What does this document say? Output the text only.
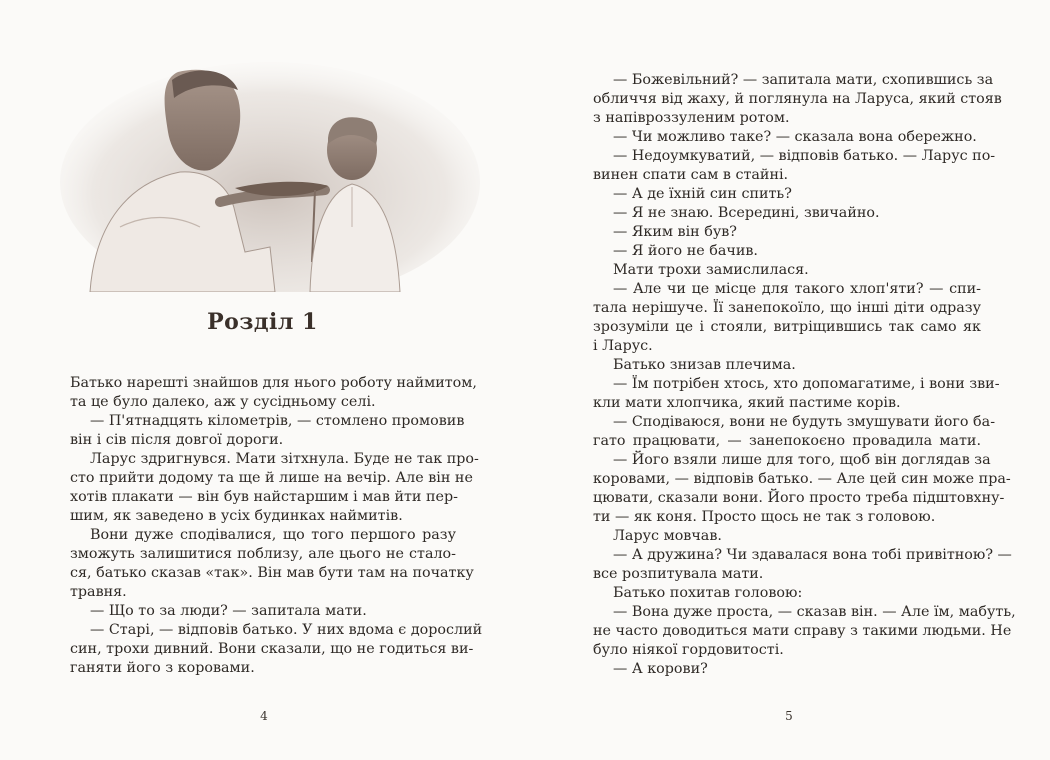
Розділ 1
Батько нарешті знайшов для нього роботу наймитом,
та це було далеко, аж у сусідньому селі.
— П'ятнадцять кілометрів, — стомлено промовив
він і сів після довгої дороги.
Ларус здригнувся. Мати зітхнула. Буде не так про-
сто прийти додому та ще й лише на вечір. Але він не
хотів плакати — він був найстаршим і мав йти пер-
шим, як заведено в усіх будинках наймитів.
Вони дуже сподівалися, що того першого разу
зможуть залишитися поблизу, але цього не стало-
ся, батько сказав «так». Він мав бути там на початку
травня.
— Що то за люди? — запитала мати.
— Старі, — відповів батько. У них вдома є дорослий
син, трохи дивний. Вони сказали, що не годиться ви-
ганяти його з коровами.
4
— Божевільний? — запитала мати, схопившись за
обличчя від жаху, й поглянула на Ларуса, який стояв
з напівроззуленим ротом.
— Чи можливо таке? — сказала вона обережно.
— Недоумкуватий, — відповів батько. — Ларус по-
винен спати сам в стайні.
— А де їхній син спить?
— Я не знаю. Всередині, звичайно.
— Яким він був?
— Я його не бачив.
Мати трохи замислилася.
— Але чи це місце для такого хлоп'яти? — спи-
тала нерішуче. Її занепокоїло, що інші діти одразу
зрозуміли це і стояли, витріщившись так само як
і Ларус.
Батько знизав плечима.
— Їм потрібен хтось, хто допомагатиме, і вони зви-
кли мати хлопчика, який пастиме корів.
— Сподіваюся, вони не будуть змушувати його ба-
гато працювати, — занепокоєно провадила мати.
— Його взяли лише для того, щоб він доглядав за
коровами, — відповів батько. — Але цей син може пра-
цювати, сказали вони. Його просто треба підштовхну-
ти — як коня. Просто щось не так з головою.
Ларус мовчав.
— А дружина? Чи здавалася вона тобі привітною? —
все розпитувала мати.
Батько похитав головою:
— Вона дуже проста, — сказав він. — Але їм, мабуть,
не часто доводиться мати справу з такими людьми. Не
було ніякої гордовитості.
— А корови?
5
